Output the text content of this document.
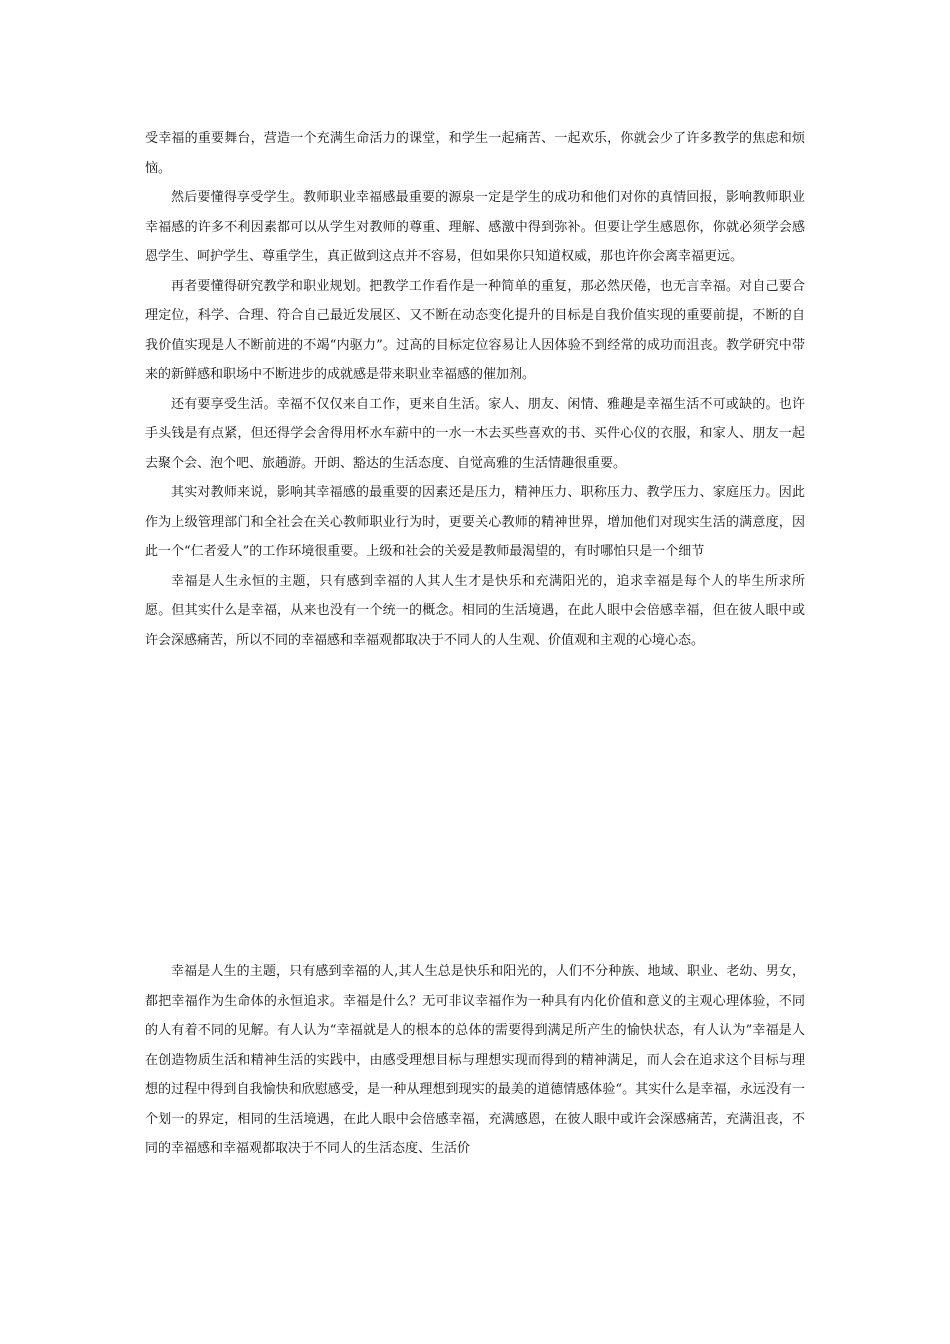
受幸福的重要舞台，营造一个充满生命活力的课堂，和学生一起痛苦、一起欢乐，你就会少了许多教学的焦虑和烦恼。

然后要懂得享受学生。教师职业幸福感最重要的源泉一定是学生的成功和他们对你的真情回报，影响教师职业幸福感的许多不利因素都可以从学生对教师的尊重、理解、感激中得到弥补。但要让学生感恩你，你就必须学会感恩学生、呵护学生、尊重学生，真正做到这点并不容易，但如果你只知道权威，那也许你会离幸福更远。

再者要懂得研究教学和职业规划。把教学工作看作是一种简单的重复，那必然厌倦，也无言幸福。对自己要合理定位，科学、合理、符合自己最近发展区、又不断在动态变化提升的目标是自我价值实现的重要前提，不断的自我价值实现是人不断前进的不竭“内驱力”。过高的目标定位容易让人因体验不到经常的成功而沮丧。教学研究中带来的新鲜感和职场中不断进步的成就感是带来职业幸福感的催加剂。

还有要享受生活。幸福不仅仅来自工作，更来自生活。家人、朋友、闲情、雅趣是幸福生活不可或缺的。也许手头钱是有点紧，但还得学会舍得用杯水车薪中的一水一木去买些喜欢的书、买件心仪的衣服，和家人、朋友一起去聚个会、泡个吧、旅趟游。开朗、豁达的生活态度、自觉高雅的生活情趣很重要。

其实对教师来说，影响其幸福感的最重要的因素还是压力，精神压力、职称压力、教学压力、家庭压力。因此作为上级管理部门和全社会在关心教师职业行为时，更要关心教师的精神世界，增加他们对现实生活的满意度，因此一个“仁者爱人”的工作环境很重要。上级和社会的关爱是教师最渴望的，有时哪怕只是一个细节

幸福是人生永恒的主题，只有感到幸福的人其人生才是快乐和充满阳光的，追求幸福是每个人的毕生所求所愿。但其实什么是幸福，从来也没有一个统一的概念。相同的生活境遇，在此人眼中会倍感幸福，但在彼人眼中或许会深感痛苦，所以不同的幸福感和幸福观都取决于不同人的人生观、价值观和主观的心境心态。

幸福是人生的主题，只有感到幸福的人,其人生总是快乐和阳光的，人们不分种族、地域、职业、老幼、男女，都把幸福作为生命体的永恒追求。幸福是什么？无可非议幸福作为一种具有内化价值和意义的主观心理体验，不同的人有着不同的见解。有人认为“幸福就是人的根本的总体的需要得到满足所产生的愉快状态，有人认为”幸福是人在创造物质生活和精神生活的实践中，由感受理想目标与理想实现而得到的精神满足，而人会在追求这个目标与理想的过程中得到自我愉快和欣慰感受，是一种从理想到现实的最美的道德情感体验“。其实什么是幸福，永远没有一个划一的界定，相同的生活境遇，在此人眼中会倍感幸福，充满感恩，在彼人眼中或许会深感痛苦，充满沮丧，不同的幸福感和幸福观都取决于不同人的生活态度、生活价
